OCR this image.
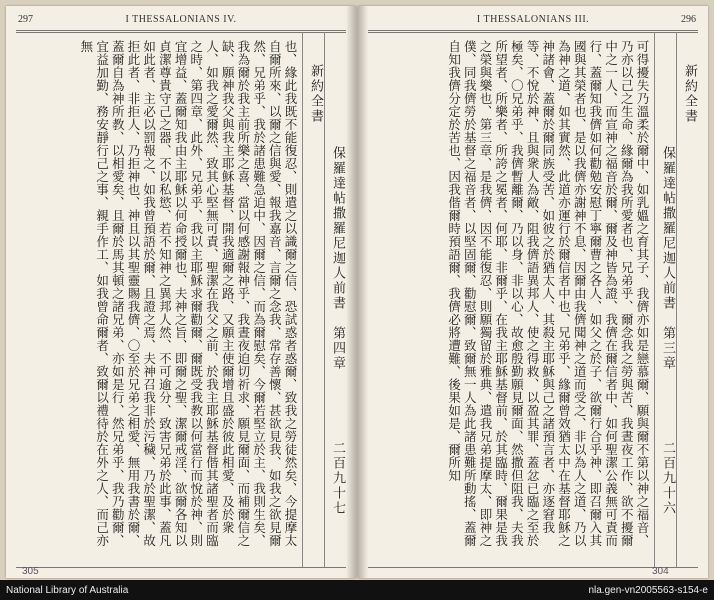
297	I THESSALONIANS IV.
也、緣此我既不能復忍、則遣之以識爾之信、恐試惑者惑爾、致我之勞徒然矣、今提摩太自爾所來、以爾之信與愛、報我嘉音、言爾之念我、常存善懷、甚欲見我、如我之欲見爾然、兄弟乎、我於諸患難急迫中、因爾之信、而為爾慰矣、今爾若堅立於主、我則生矣、我為爾於我主前所樂之喜、當以何感謝報神乎、我晝夜迫切祈求、願見爾面、而補爾信之缺、願神我父與我主耶穌基督、開我適爾之路、又願主使爾增且盛於彼此相愛、及於衆人、如我之愛爾然、致其心堅無可責、聖潔在我父之前、於我主耶穌基督偕其諸聖者而臨之時、第四章、此外、兄弟乎、我以主耶穌求爾勸爾、爾既受我教以何當行而悅於神、則宜增益、蓋爾知我由主耶穌以何命授爾也、夫神之旨、即爾之聖、潔爾戒淫、欲爾各知以貞潔尊貴守己之器、不以私慾、若不知神之異邦人然、不可逾分、致害兄弟於此事、蓋凡如此者、主必以罰報之、如我曾預語於爾、且證之焉、夫神召我非於污穢、乃於聖潔、故拒此者、非拒人、乃拒神也、神且以其聖靈賜我儕、〇至於兄弟之相愛、無用我書於爾、蓋爾自為神所教、以相愛矣、且爾於馬其頓之諸兄弟、亦如是行、然兄弟乎、我乃勸爾、宜益加勤、務安靜行己之事、親手作工、如我曾命爾者、致爾以禮待於在外之人、而己亦無
新約全書
保羅達帖撒羅尼迦人前書　第四章
二百九十七
I THESSALONIANS III.	296
可得擾失乃溫柔於爾中、如乳媼之育其子、我儕亦如是戀慕爾、願與爾不第以神之福音、乃亦以己之生命、緣爾為我所愛者也、兄弟乎、爾念我之勞與苦、我晝夜工作、欲不擾爾中之一人、而宣神之福音於爾、爾及神皆為證、我儕在爾信者中、如何聖潔公義無可責而行、蓋爾知我儕如何勸勉安慰丁寧爾曹之各人、如父之於子、欲爾行合乎神、即召爾入其國與其榮者也、是以我儕亦謝神不息、因爾由我儕聞神之道而受之、非以為人之道、乃以為神之道、如其實然、此道亦運行於爾信者中也、兄弟乎、緣爾曾效猶太中在基督耶穌之神諸會、蓋爾於爾同族受苦、如彼之於猶太人、其殺主耶穌與己之諸預言者、亦逐窘我等、不悅於神、且與衆人為敵、阻我儕語異邦人、使之得救、以盈其罪、蓋忿已臨之至於極矣、〇兄弟乎、我儕暫離爾、乃以身、非以心、故愈殷勤願見爾面、然撒但阻我、夫我所望者、所樂者、所誇之冕者、何耶、非爾乎、在我主耶穌基督前、於其臨時、爾果是我之榮與樂也、第三章、是我儕、因不能復忍、則願獨留於雅典、遣我兄弟提摩太、即神之僕、同我儕勞於基督之福音者、以堅固爾、勸慰爾、致爾無一人為此諸患難所動搖、蓋爾自知我儕分定於苦也、因我偕爾時預語爾、我儕必將遭難、後果如是、爾所知	新約全書
保羅達帖撒羅尼迦人前書　第三章
二百九十六
305	304
National Library of Australia	nla.gen-vn2005563-s154-e
